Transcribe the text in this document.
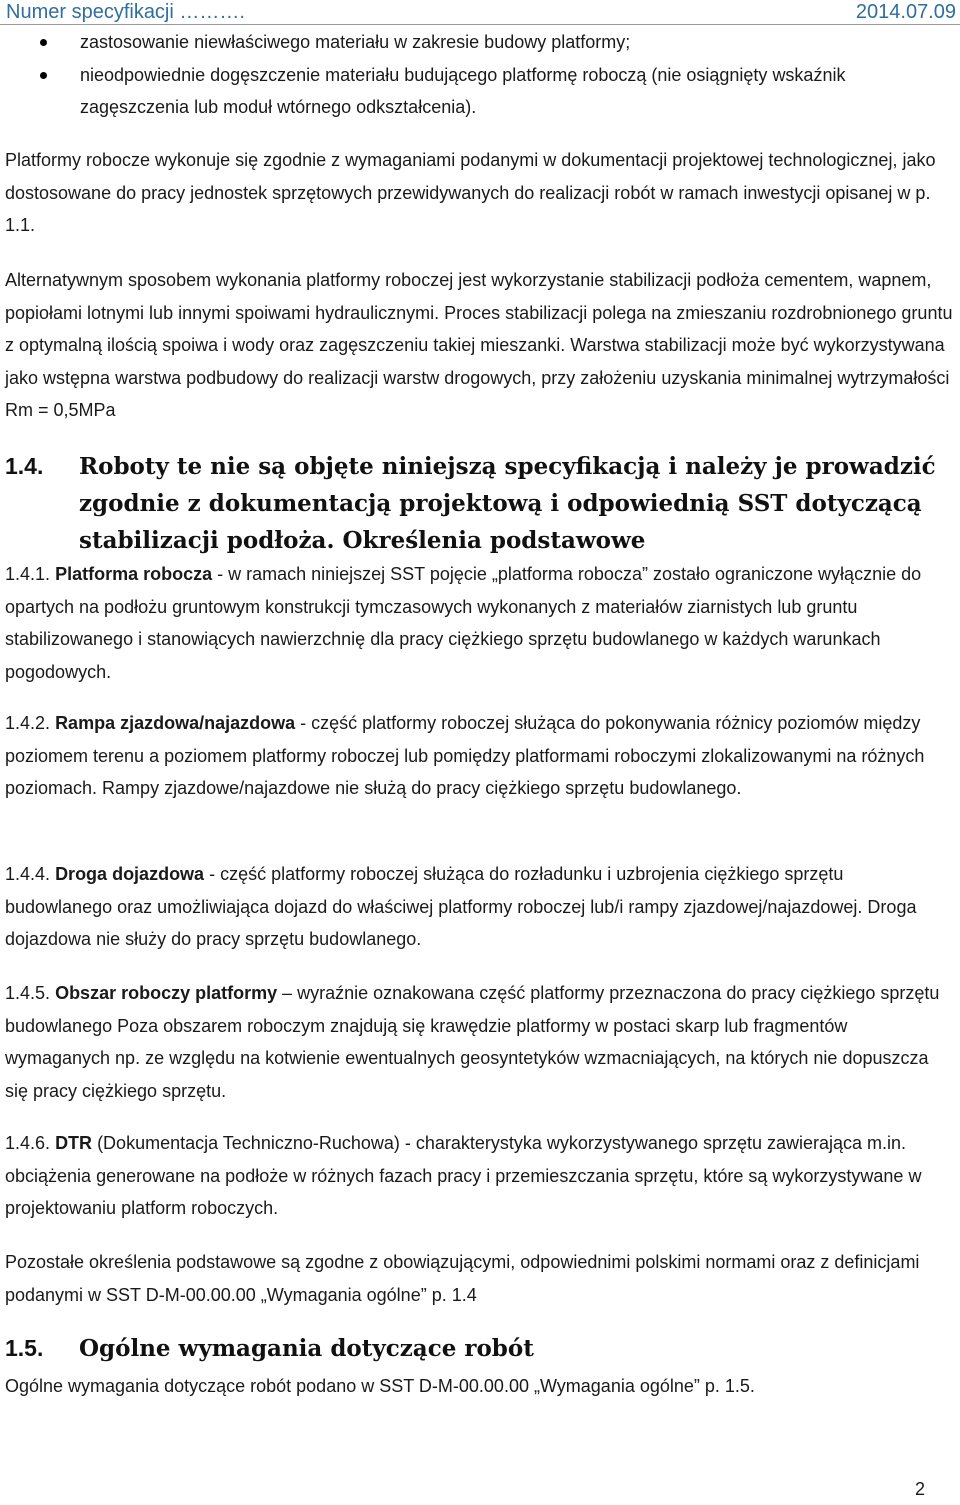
Numer specyfikacji ……….	2014.07.09
zastosowanie niewłaściwego materiału w zakresie budowy platformy;
nieodpowiednie dogęszczenie materiału budującego platformę roboczą (nie osiągnięty wskaźnik zagęszczenia lub moduł wtórnego odkształcenia).

Platformy robocze wykonuje się zgodnie z wymaganiami podanymi w dokumentacji projektowej technologicznej, jako dostosowane do pracy jednostek sprzętowych przewidywanych do realizacji robót w ramach inwestycji opisanej w p. 1.1.

Alternatywnym sposobem wykonania platformy roboczej jest wykorzystanie stabilizacji podłoża cementem, wapnem, popiołami lotnymi lub innymi spoiwami hydraulicznymi. Proces stabilizacji polega na zmieszaniu rozdrobnionego gruntu z optymalną ilością spoiwa i wody oraz zagęszczeniu takiej mieszanki. Warstwa stabilizacji może być wykorzystywana jako wstępna warstwa podbudowy do realizacji warstw drogowych, przy założeniu uzyskania minimalnej wytrzymałości Rm = 0,5MPa

1.4. Roboty te nie są objęte niniejszą specyfikacją i należy je prowadzić zgodnie z dokumentacją projektową i odpowiednią SST dotyczącą stabilizacji podłoża. Określenia podstawowe

1.4.1. Platforma robocza - w ramach niniejszej SST pojęcie „platforma robocza” zostało ograniczone wyłącznie do opartych na podłożu gruntowym konstrukcji tymczasowych wykonanych z materiałów ziarnistych lub gruntu stabilizowanego i stanowiących nawierzchnię dla pracy ciężkiego sprzętu budowlanego w każdych warunkach pogodowych.

1.4.2. Rampa zjazdowa/najazdowa - część platformy roboczej służąca do pokonywania różnicy poziomów między poziomem terenu a poziomem platformy roboczej lub pomiędzy platformami roboczymi zlokalizowanymi na różnych poziomach. Rampy zjazdowe/najazdowe nie służą do pracy ciężkiego sprzętu budowlanego.

1.4.4. Droga dojazdowa - część platformy roboczej służąca do rozładunku i uzbrojenia ciężkiego sprzętu budowlanego oraz umożliwiająca dojazd do właściwej platformy roboczej lub/i rampy zjazdowej/najazdowej. Droga dojazdowa nie służy do pracy sprzętu budowlanego.

1.4.5. Obszar roboczy platformy – wyraźnie oznakowana część platformy przeznaczona do pracy ciężkiego sprzętu budowlanego Poza obszarem roboczym znajdują się krawędzie platformy w postaci skarp lub fragmentów wymaganych np. ze względu na kotwienie ewentualnych geosyntetyków wzmacniających, na których nie dopuszcza się pracy ciężkiego sprzętu.

1.4.6. DTR (Dokumentacja Techniczno-Ruchowa) - charakterystyka wykorzystywanego sprzętu zawierająca m.in. obciążenia generowane na podłoże w różnych fazach pracy i przemieszczania sprzętu, które są wykorzystywane w projektowaniu platform roboczych.

Pozostałe określenia podstawowe są zgodne z obowiązującymi, odpowiednimi polskimi normami oraz z definicjami podanymi w SST D-M-00.00.00 „Wymagania ogólne” p. 1.4

1.5. Ogólne wymagania dotyczące robót

Ogólne wymagania dotyczące robót podano w SST D-M-00.00.00 „Wymagania ogólne” p. 1.5.

2
